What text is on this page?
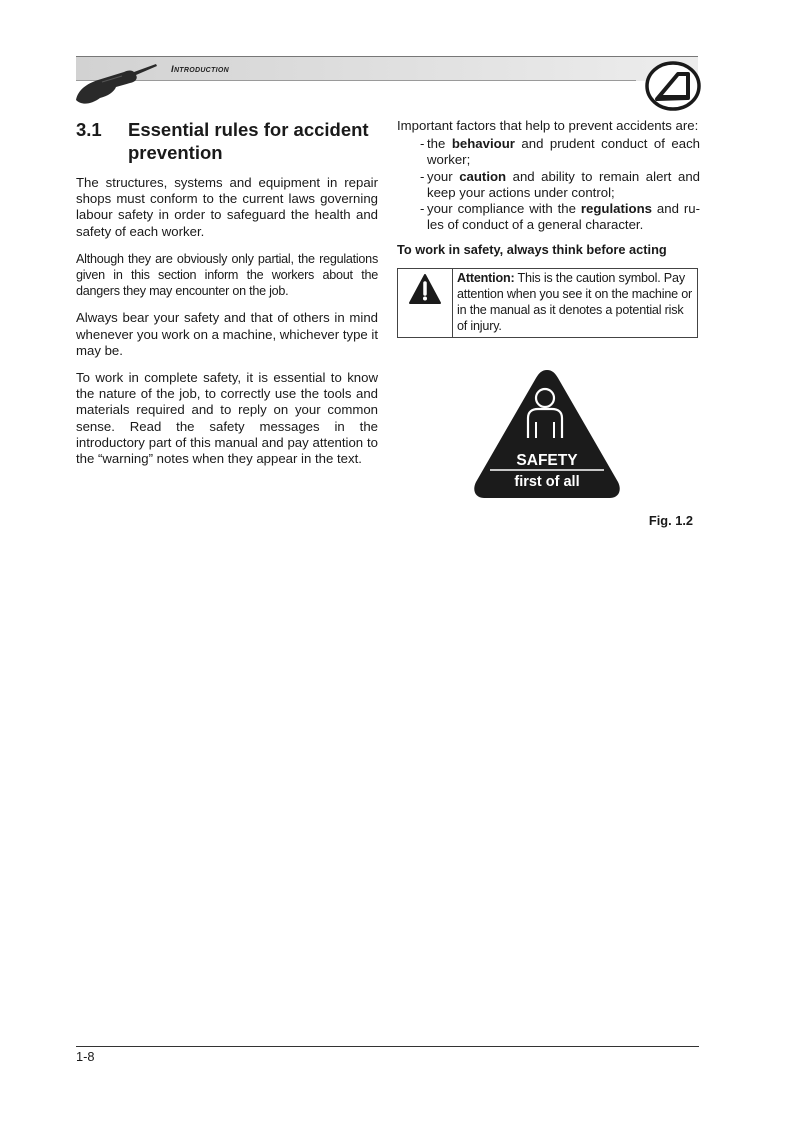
Introduction
3.1	Essential rules for accident prevention

The structures, systems and equipment in repair shops must conform to the current laws governing labour safety in order to safeguard the health and safety of each worker.

Although they are obviously only partial, the regulations given in this section inform the workers about the dangers they may encounter on the job.

Always bear your safety and that of others in mind whenever you work on a machine, whichever type it may be.

To work in complete safety, it is essential to know the nature of the job, to correctly use the tools and materials required and to reply on your common sense. Read the safety messages in the introductory part of this manual and pay attention to the “warning” notes when they appear in the text.

Important factors that help to prevent accidents are:

- the behaviour and prudent conduct of each worker;
- your caution and ability to remain alert and keep your actions under control;
- your compliance with the regulations and ru-les of conduct of a general character.
To work in safety, always think before acting
Attention: This is the caution symbol. Pay attention when you see it on the machine or in the manual as it denotes a potential risk of injury.
SAFETY
first of all
Fig. 1.2
1-8
